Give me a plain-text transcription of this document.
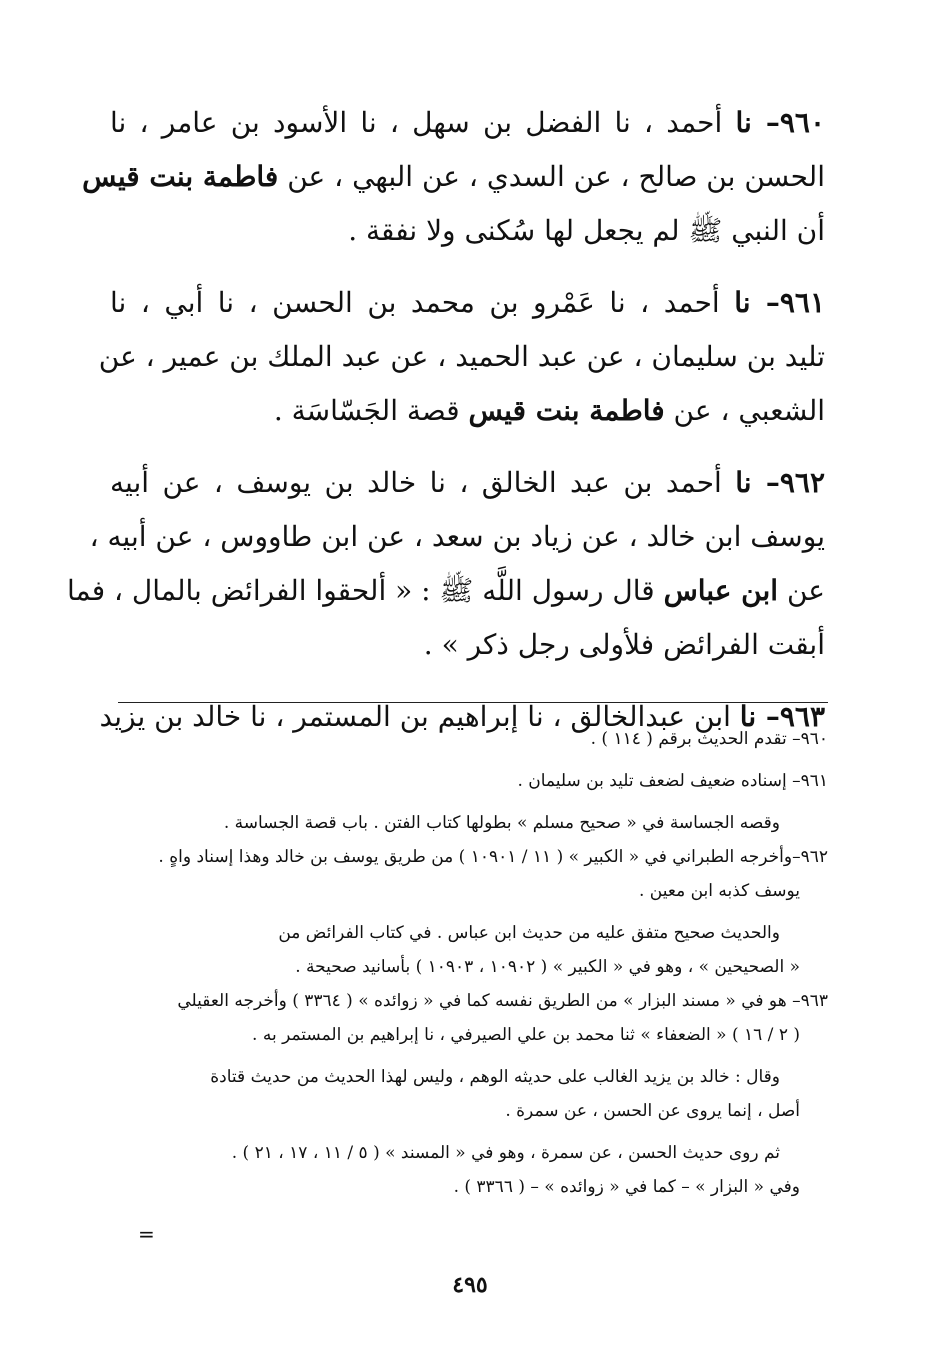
٩٦٠– نا أحمد ، نا الفضل بن سهل ، نا الأسود بن عامر ، نا
الحسن بن صالح ، عن السدي ، عن البهي ، عن فاطمة بنت قيس
أن النبي ﷺ لم يجعل لها سُكنى ولا نفقة .
٩٦١– نا أحمد ، نا عَمْرو بن محمد بن الحسن ، نا أبي ، نا
تليد بن سليمان ، عن عبد الحميد ، عن عبد الملك بن عمير ، عن
الشعبي ، عن فاطمة بنت قيس قصة الجَسّاسَة .
٩٦٢– نا أحمد بن عبد الخالق ، نا خالد بن يوسف ، عن أبيه
يوسف ابن خالد ، عن زياد بن سعد ، عن ابن طاووس ، عن أبيه ،
عن ابن عباس قال رسول اللَّه ﷺ : « ألحقوا الفرائض بالمال ، فما
أبقت الفرائض فلأولى رجل ذكر » .
٩٦٣– نا ابن عبدالخالق ، نا إبراهيم بن المستمر ، نا خالد بن يزيد
٩٦٠– تقدم الحديث برقم ( ١١٤ ) .
٩٦١– إسناده ضعيف لضعف تليد بن سليمان .
وقصه الجساسة في « صحيح مسلم » بطولها كتاب الفتن . باب قصة الجساسة .
٩٦٢–وأخرجه الطبراني في « الكبير » ( ١١ / ١٠٩٠١ ) من طريق يوسف بن خالد وهذا إسناد واهٍ .
يوسف كذبه ابن معين .
والحديث صحيح متفق عليه من حديث ابن عباس . في كتاب الفرائض من
« الصحيحين » ، وهو في « الكبير » ( ١٠٩٠٢ ، ١٠٩٠٣ ) بأسانيد صحيحة .
٩٦٣– هو في « مسند البزار » من الطريق نفسه كما في « زوائده » ( ٣٣٦٤ ) وأخرجه العقيلي
( ٢ / ١٦ ) « الضعفاء » ثنا محمد بن علي الصيرفي ، نا إبراهيم بن المستمر به .
وقال : خالد بن يزيد الغالب على حديثه الوهم ، وليس لهذا الحديث من حديث قتادة
أصل ، إنما يروى عن الحسن ، عن سمرة .
ثم روى حديث الحسن ، عن سمرة ، وهو في « المسند » ( ٥ / ١١ ، ١٧ ، ٢١ ) .
وفي « البزار » – كما في « زوائده » – ( ٣٣٦٦ ) .
=
٤٩٥
